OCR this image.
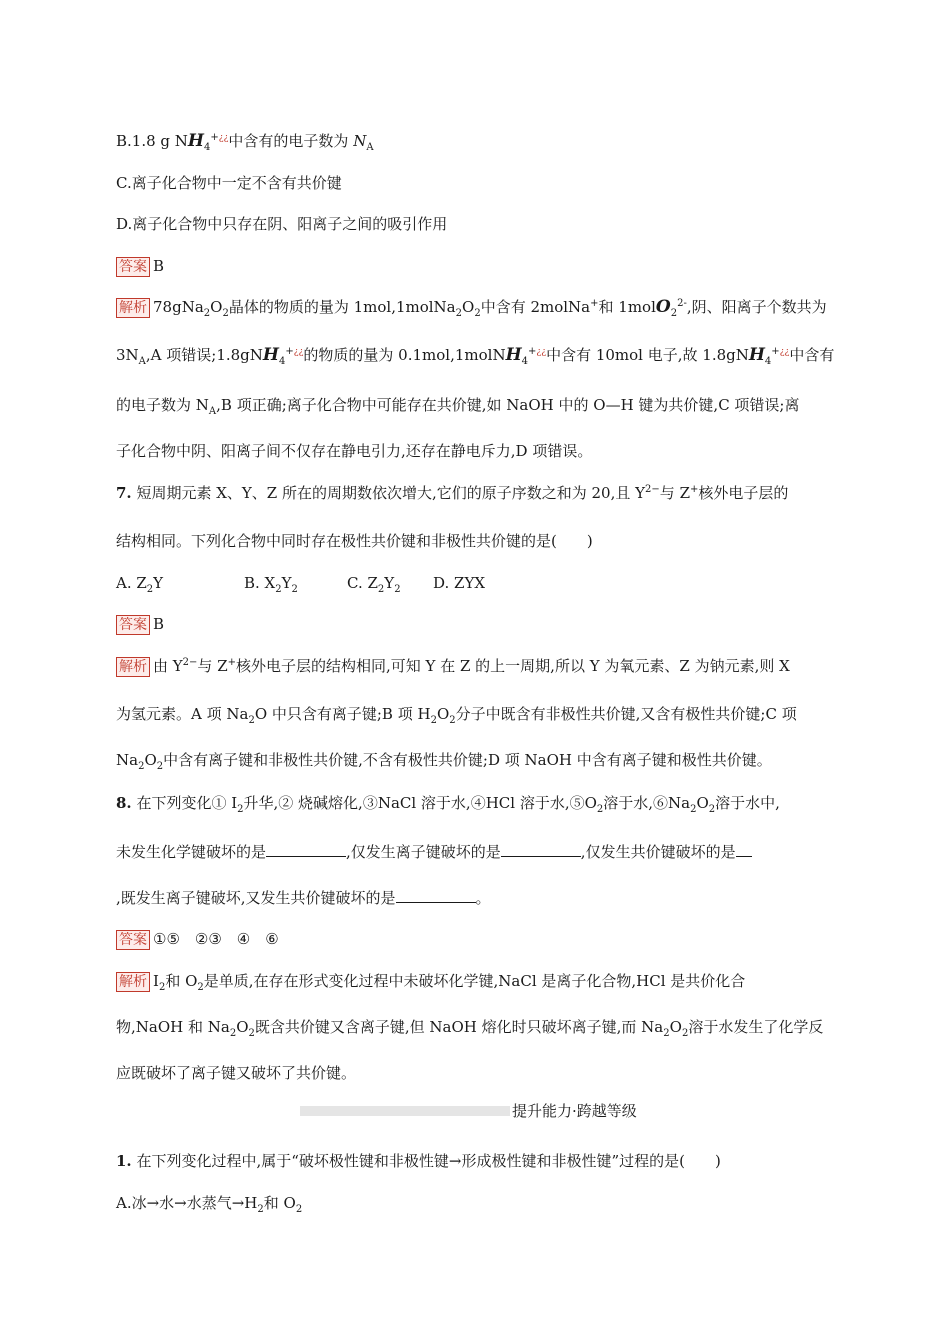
B.1.8 g $NH_4^{+¿¿}$中含有的电子数为 $N_A$
C.离子化合物中一定不含有共价键
D.离子化合物中只存在阴、阳离子之间的吸引作用
答案 B
解析 $78gNa_2O_2$晶体的物质的量为 $1mol,1molNa_2O_2$中含有 2molNa+和 1molO$_2^{2-}$,阴、阳离子个数共为
$3N_A,A$ 项错误;1.8gNH$_4$+¿¿的物质的量为 0.1mol,1molNH$_4$+¿¿中含有 10mol 电子,故 1.8gNH$_4$+¿¿中含有
的电子数为 $N_A,B$ 项正确;离子化合物中可能存在共价键,如 NaOH 中的 O—H 键为共价键,C 项错误;离
子化合物中阴、阳离子间不仅存在静电引力,还存在静电斥力,D 项错误。
7. 短周期元素 X、Y、Z 所在的周期数依次增大,它们的原子序数之和为 20,且 $Y^{2-}$与 Z+核外电子层的
结构相同。下列化合物中同时存在极性共价键和非极性共价键的是(　　)
A. $Z_2Y$	B. $X_2Y_2$	C. $Z_2Y_2$ D. ZYX
答案 B
解析 由 $Y^{2-}$与 Z+核外电子层的结构相同,可知 Y 在 Z 的上一周期,所以 Y 为氧元素、Z 为钠元素,则 X
为氢元素。A 项 $Na_2O$ 中只含有离子键;B 项 $H_2O_2$分子中既含有非极性共价键,又含有极性共价键;C 项
$Na_2O_2$中含有离子键和非极性共价键,不含有极性共价键;D 项 NaOH 中含有离子键和极性共价键。
8. 在下列变化① $I_2$升华,② 烧碱熔化,③NaCl 溶于水,④HCl 溶于水$,⑤O_2$溶于水$,⑥Na_2O_2$溶于水中,
未发生化学键破坏的是	,仅发生离子键破坏的是	,仅发生共价键破坏的是
,既发生离子键破坏,又发生共价键破坏的是	。
答案 ①⑤　②③　④　⑥
解析 $I_2$和 $O_2$是单质,在存在形式变化过程中未破坏化学键,NaCl 是离子化合物,HCl 是共价化合
物,NaOH 和 $Na_2O_2$既含共价键又含离子键,但 NaOH 熔化时只破坏离子键,而 $Na_2O_2$溶于水发生了化学反
应既破坏了离子键又破坏了共价键。
提升能力·跨越等级
1. 在下列变化过程中,属于“破坏极性键和非极性键→形成极性键和非极性键”过程的是(　　)
A.冰→水→水蒸气$\to H_2$和 $O_2$
